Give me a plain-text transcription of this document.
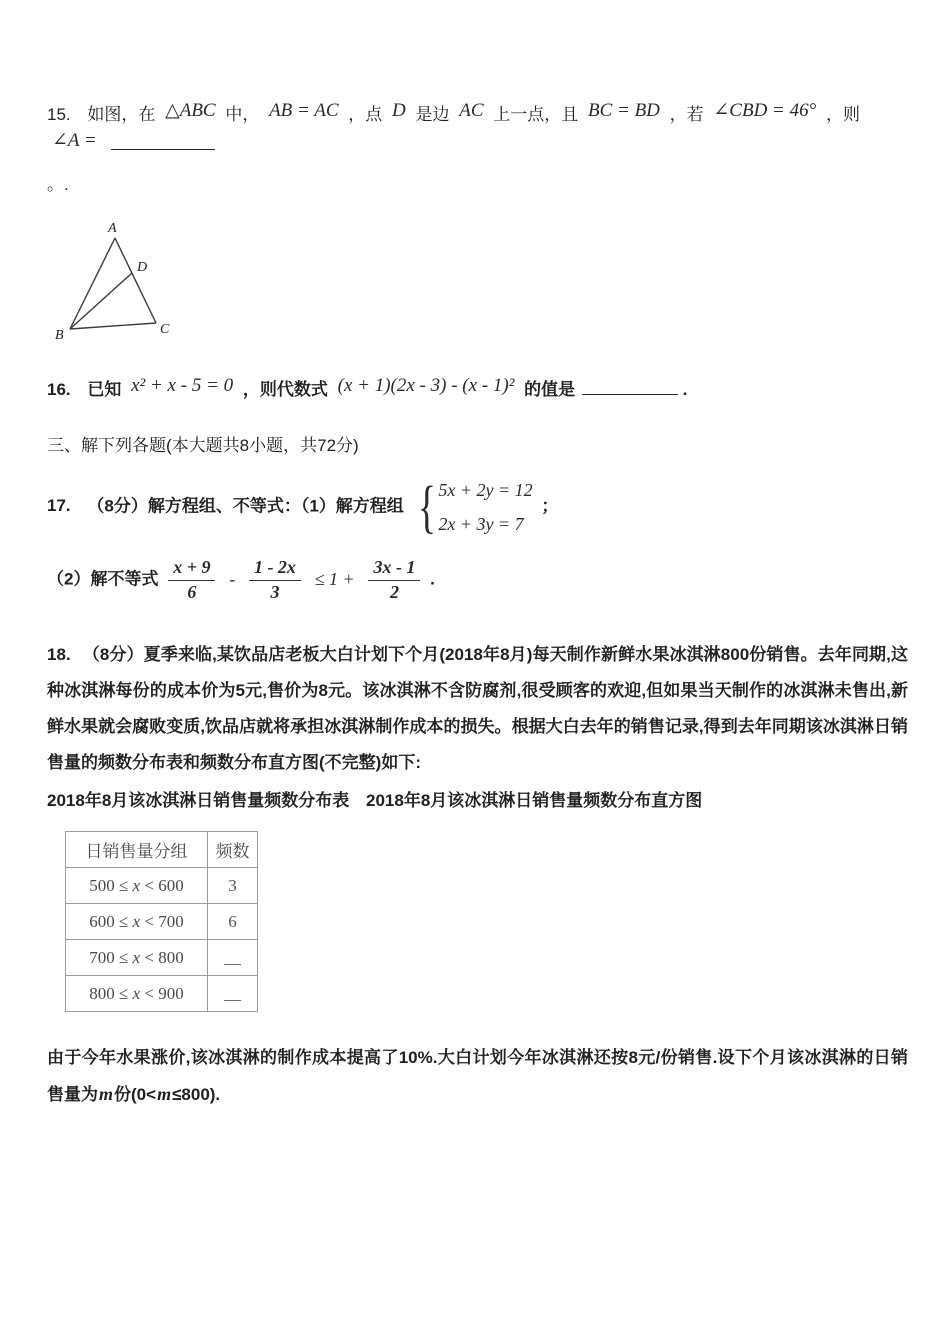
15. 如图，在 △ABC 中， AB = AC ，点 D 是边 AC 上一点，且 BC = BD ，若 ∠CBD = 46° ，则 ∠A =
。.
A
B	C
D
16. 已知 x² + x - 5 = 0 ，则代数式 (x + 1)(2x - 3) - (x - 1)² 的值是	.
三、解下列各题(本大题共8小题，共72分)
17. （8分）解方程组、不等式：（1）解方程组 { 5x + 2y = 12
2x + 3y = 7
；
（2）解不等式 $\frac{x + 9}{6} - \frac{1 - 2x}{3} \le 1 + \frac{3x - 1}{2}$ .
18. （8分）夏季来临,某饮品店老板大白计划下个月(2018年8月)每天制作新鲜水果冰淇淋800份销售。去年同期,这种冰淇淋每份的成本价为5元,售价为8元。该冰淇淋不含防腐剂,很受顾客的欢迎,但如果当天制作的冰淇淋未售出,新鲜水果就会腐败变质,饮品店就将承担冰淇淋制作成本的损失。根据大白去年的销售记录,得到去年同期该冰淇淋日销售量的频数分布表和频数分布直方图(不完整)如下:
2018年8月该冰淇淋日销售量频数分布表 2018年8月该冰淇淋日销售量频数分布直方图
日销售量分组	频数
500 ≤ x < 600	3
600 ≤ x < 700	6
700 ≤ x < 800	__
800 ≤ x < 900	__
由于今年水果涨价,该冰淇淋的制作成本提高了10%.大白计划今年冰淇淋还按8元/份销售.设下个月该冰淇淋的日销售量为m份(0<m≤800).
